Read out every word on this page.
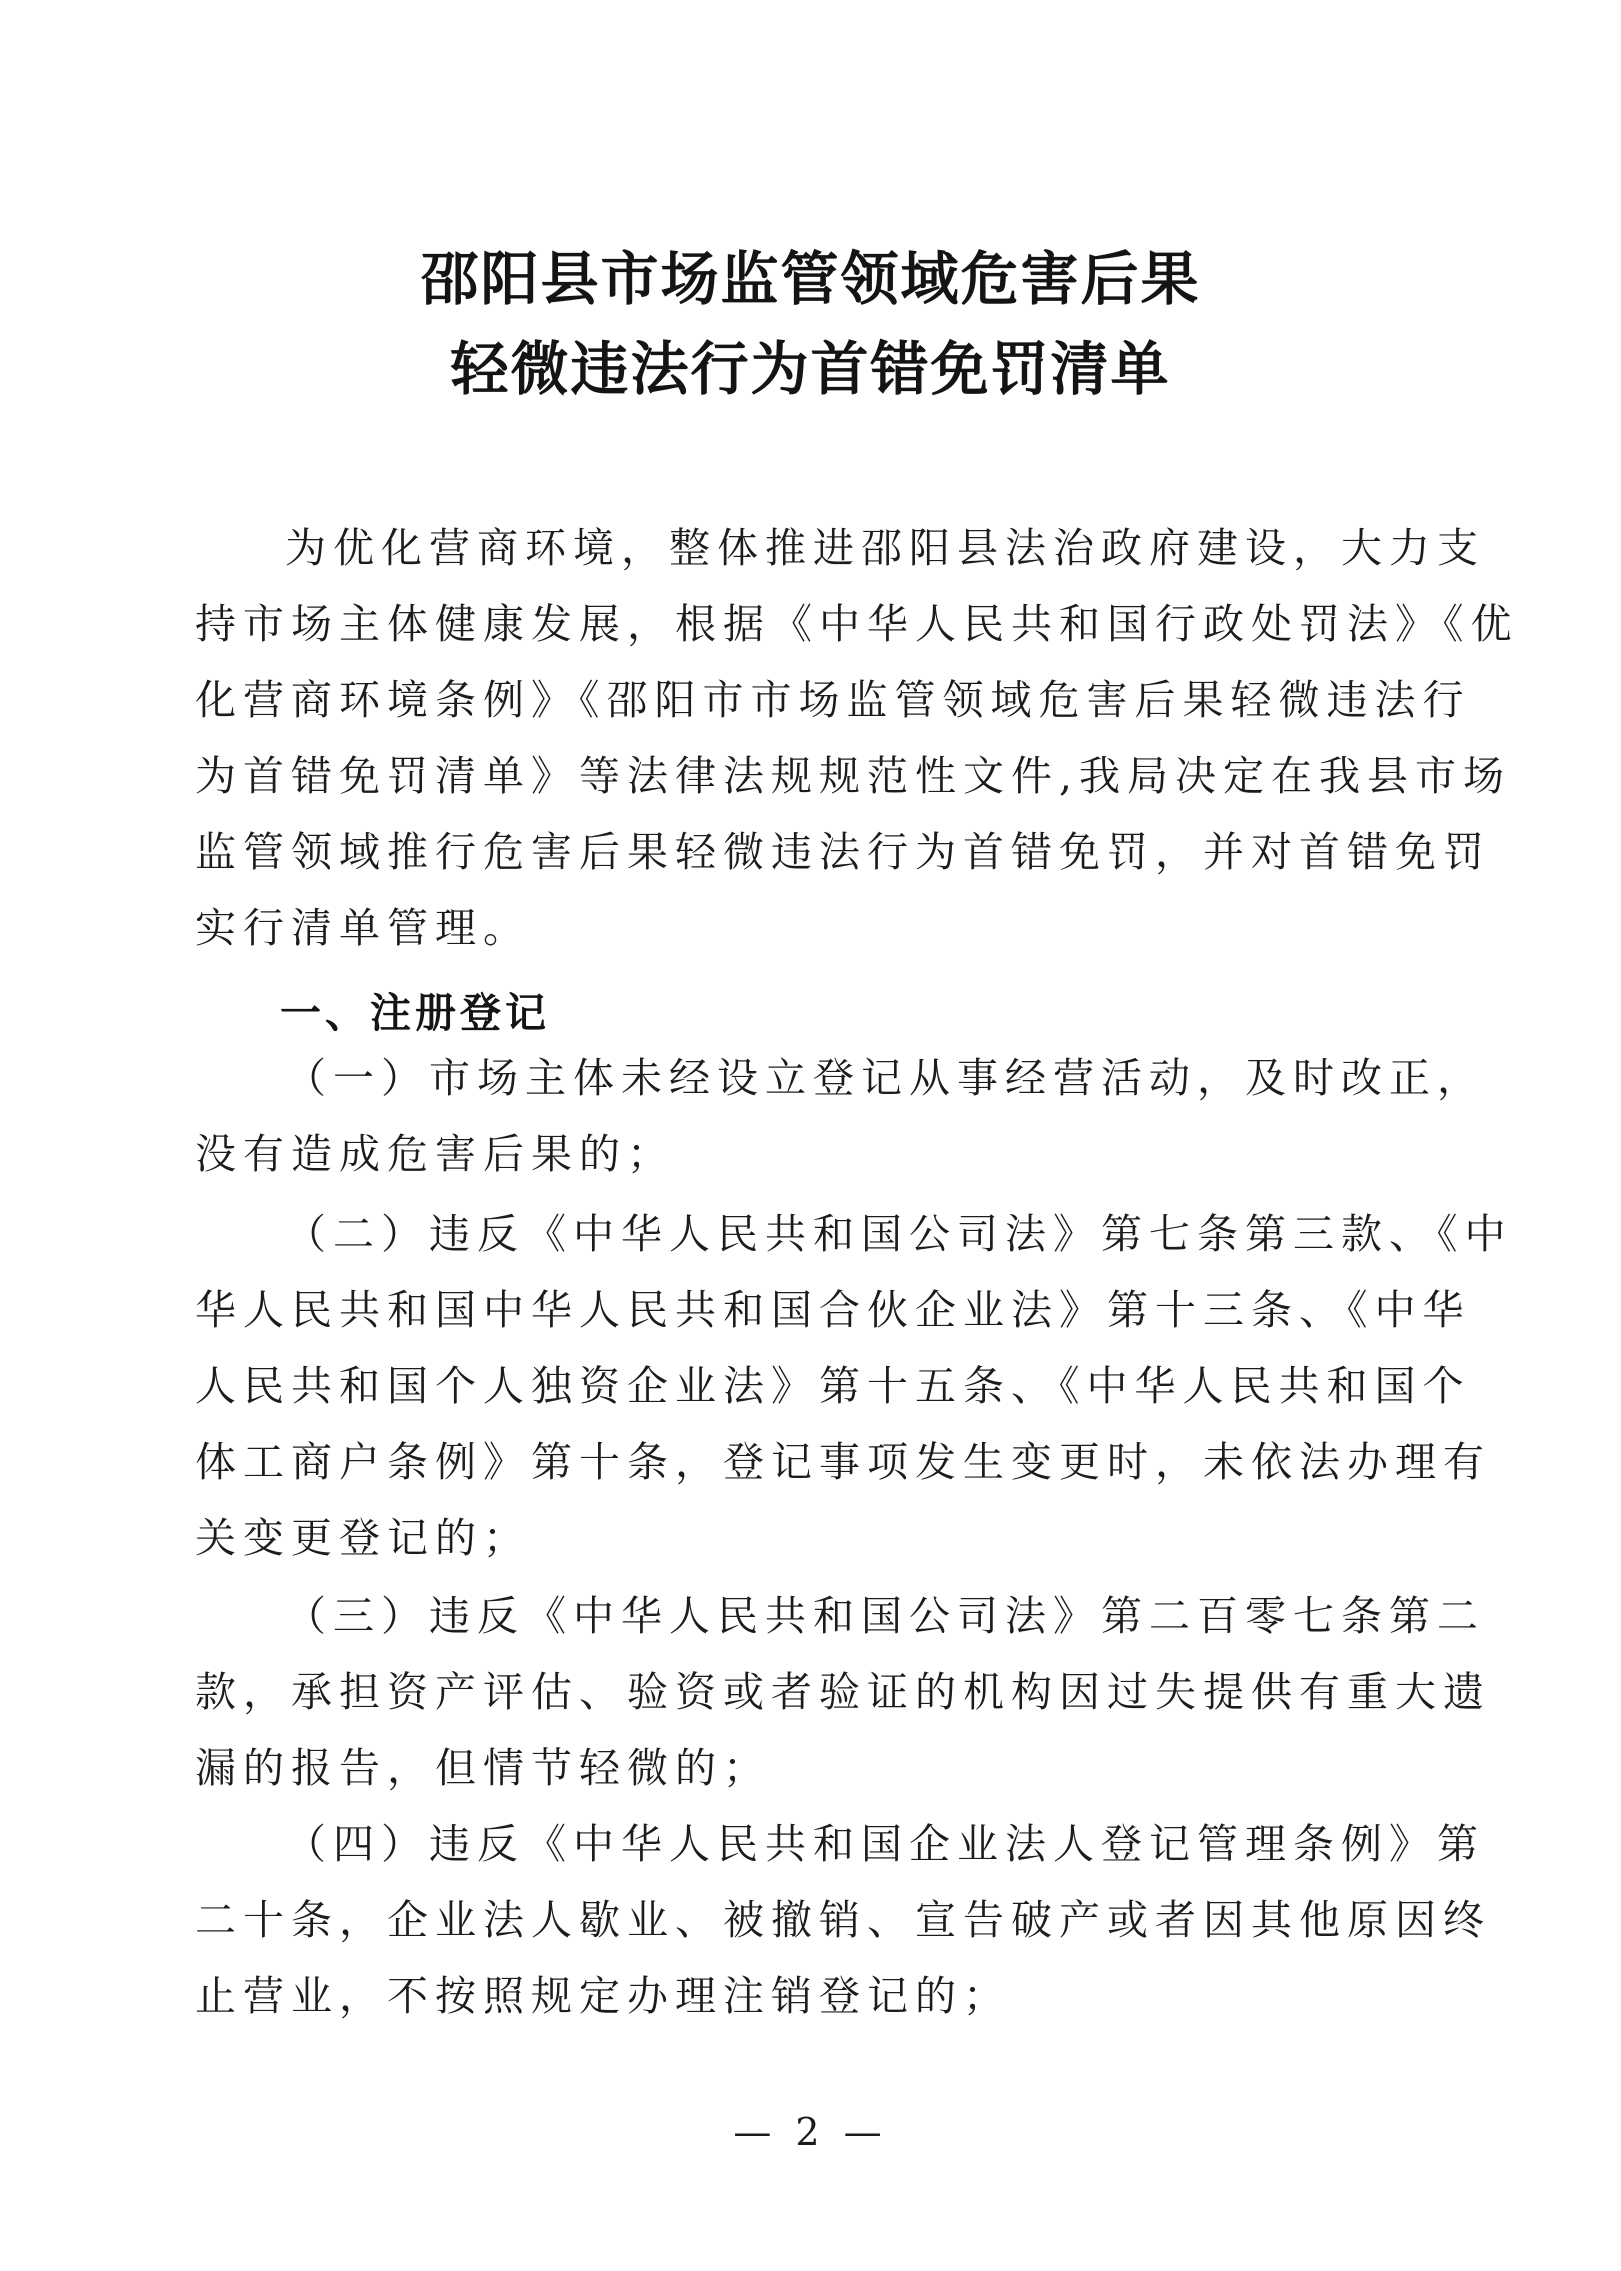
邵阳县市场监管领域危害后果
轻微违法行为首错免罚清单
为优化营商环境，整体推进邵阳县法治政府建设，大力支
持市场主体健康发展，根据《中华人民共和国行政处罚法》《优
化营商环境条例》《邵阳市市场监管领域危害后果轻微违法行
为首错免罚清单》等法律法规规范性文件,我局决定在我县市场
监管领域推行危害后果轻微违法行为首错免罚，并对首错免罚
实行清单管理。
一、注册登记
（一）市场主体未经设立登记从事经营活动，及时改正，
没有造成危害后果的；
（二）违反《中华人民共和国公司法》第七条第三款、《中
华人民共和国中华人民共和国合伙企业法》第十三条、《中华
人民共和国个人独资企业法》第十五条、《中华人民共和国个
体工商户条例》第十条，登记事项发生变更时，未依法办理有
关变更登记的；
（三）违反《中华人民共和国公司法》第二百零七条第二
款，承担资产评估、验资或者验证的机构因过失提供有重大遗
漏的报告，但情节轻微的；
（四）违反《中华人民共和国企业法人登记管理条例》第
二十条，企业法人歇业、被撤销、宣告破产或者因其他原因终
止营业，不按照规定办理注销登记的；
— 2 —
